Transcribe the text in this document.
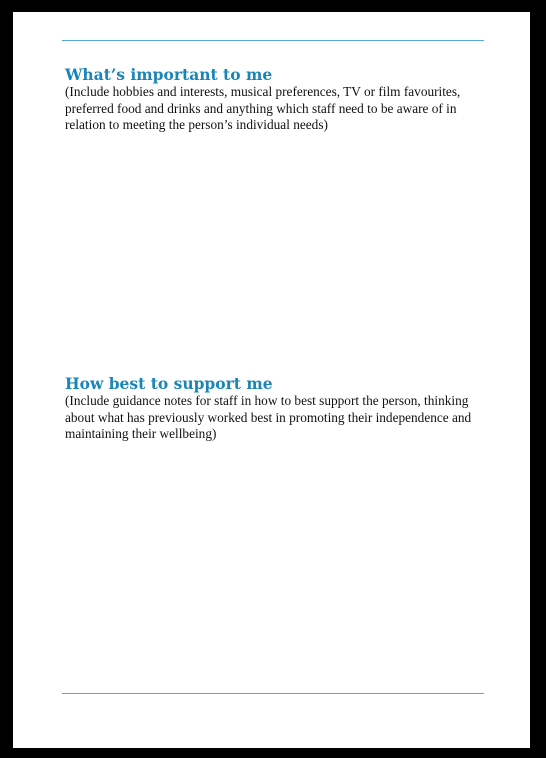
What’s important to me

(Include hobbies and interests, musical preferences, TV or film favourites, preferred food and drinks and anything which staff need to be aware of in relation to meeting the person’s individual needs)

How best to support me

(Include guidance notes for staff in how to best support the person, thinking about what has previously worked best in promoting their independence and maintaining their wellbeing)
